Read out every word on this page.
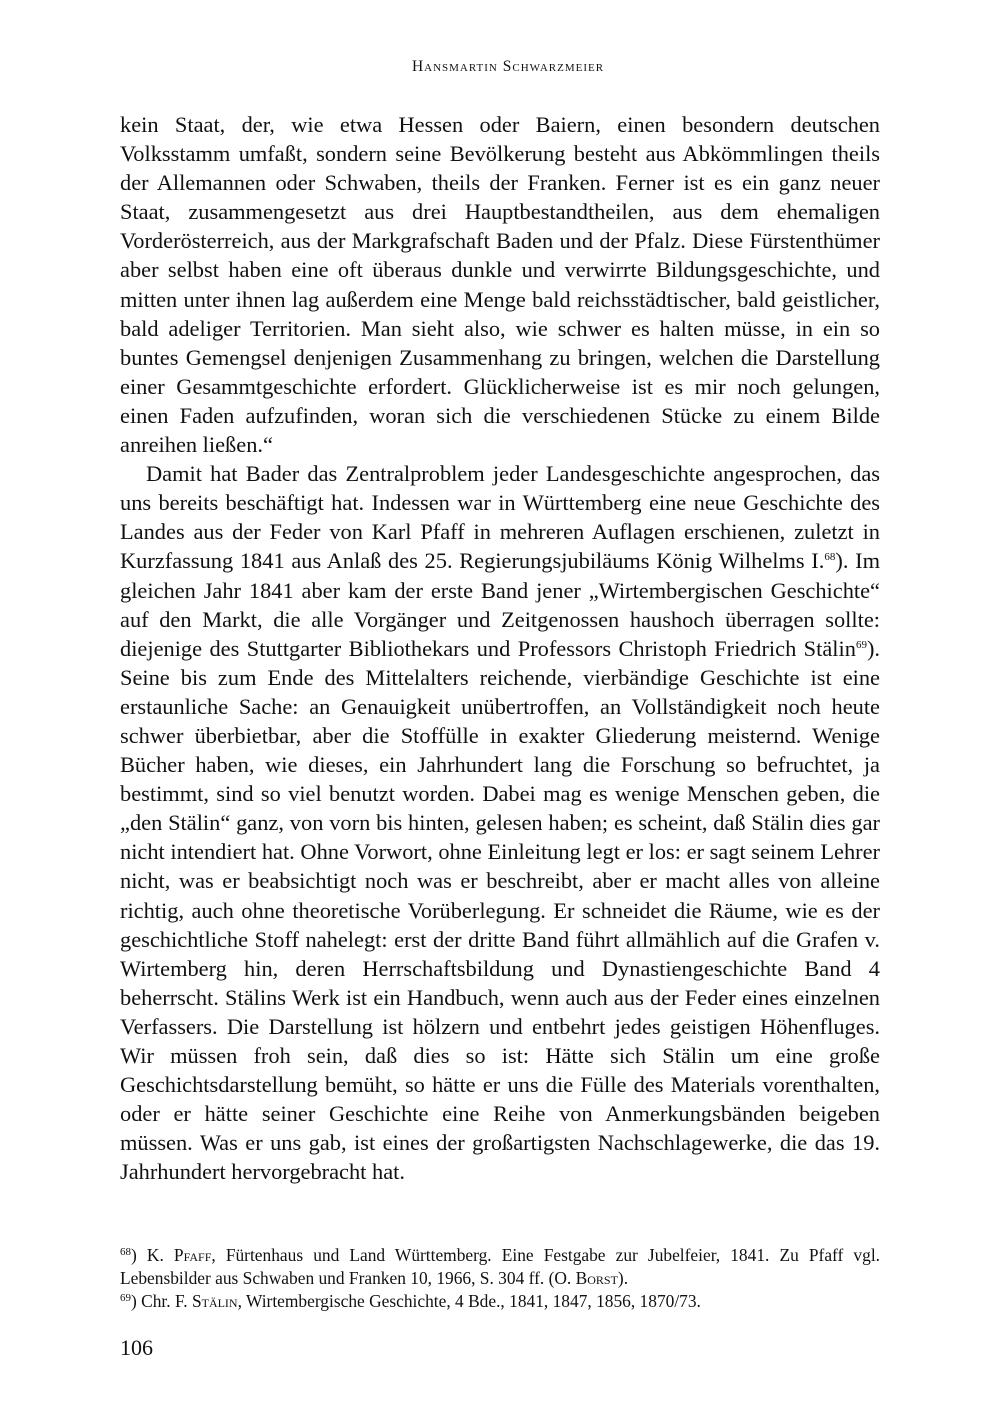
Hansmartin Schwarzmeier

kein Staat, der, wie etwa Hessen oder Baiern, einen besondern deutschen Volksstamm umfaßt, sondern seine Bevölkerung besteht aus Abkömmlingen theils der Allemannen oder Schwaben, theils der Franken. Ferner ist es ein ganz neuer Staat, zusammengesetzt aus drei Hauptbestandtheilen, aus dem ehemaligen Vorderösterreich, aus der Markgrafschaft Baden und der Pfalz. Diese Fürstenthümer aber selbst haben eine oft überaus dunkle und verwirrte Bildungsgeschichte, und mitten unter ihnen lag außerdem eine Menge bald reichsstädtischer, bald geistlicher, bald adeliger Territorien. Man sieht also, wie schwer es halten müsse, in ein so buntes Gemengsel denjenigen Zusammenhang zu bringen, welchen die Darstellung einer Gesammtgeschichte erfordert. Glücklicherweise ist es mir noch gelungen, einen Faden aufzufinden, woran sich die verschiedenen Stücke zu einem Bilde anreihen ließen.“

Damit hat Bader das Zentralproblem jeder Landesgeschichte angesprochen, das uns bereits beschäftigt hat. Indessen war in Württemberg eine neue Geschichte des Landes aus der Feder von Karl Pfaff in mehreren Auflagen erschienen, zuletzt in Kurzfassung 1841 aus Anlaß des 25. Regierungsjubiläums König Wilhelms I.$^{68}$). Im gleichen Jahr 1841 aber kam der erste Band jener „Wirtembergischen Geschichte“ auf den Markt, die alle Vorgänger und Zeitgenossen haushoch überragen sollte: diejenige des Stuttgarter Bibliothekars und Professors Christoph Friedrich Stälin$^{69}$). Seine bis zum Ende des Mittelalters reichende, vierbändige Geschichte ist eine erstaunliche Sache: an Genauigkeit unübertroffen, an Vollständigkeit noch heute schwer überbietbar, aber die Stoffülle in exakter Gliederung meisternd. Wenige Bücher haben, wie dieses, ein Jahrhundert lang die Forschung so befruchtet, ja bestimmt, sind so viel benutzt worden. Dabei mag es wenige Menschen geben, die „den Stälin“ ganz, von vorn bis hinten, gelesen haben; es scheint, daß Stälin dies gar nicht intendiert hat. Ohne Vorwort, ohne Einleitung legt er los: er sagt seinem Lehrer nicht, was er beabsichtigt noch was er beschreibt, aber er macht alles von alleine richtig, auch ohne theoretische Vorüberlegung. Er schneidet die Räume, wie es der geschichtliche Stoff nahelegt: erst der dritte Band führt allmählich auf die Grafen v. Wirtemberg hin, deren Herrschaftsbildung und Dynastiengeschichte Band 4 beherrscht. Stälins Werk ist ein Handbuch, wenn auch aus der Feder eines einzelnen Verfassers. Die Darstellung ist hölzern und entbehrt jedes geistigen Höhenfluges. Wir müssen froh sein, daß dies so ist: Hätte sich Stälin um eine große Geschichtsdarstellung bemüht, so hätte er uns die Fülle des Materials vorenthalten, oder er hätte seiner Geschichte eine Reihe von Anmerkungsbänden beigeben müssen. Was er uns gab, ist eines der großartigsten Nachschlagewerke, die das 19. Jahrhundert hervorgebracht hat.

$^{68}$) K. Pfaff, Fürtenhaus und Land Württemberg. Eine Festgabe zur Jubelfeier, 1841. Zu Pfaff vgl. Lebensbilder aus Schwaben und Franken 10, 1966, S. 304 ff. (O. Borst).

$^{69}$) Chr. F. Stälin, Wirtembergische Geschichte, 4 Bde., 1841, 1847, 1856, 1870/73.

106
